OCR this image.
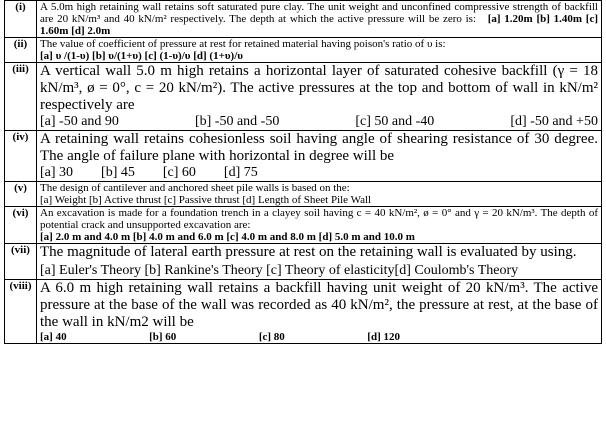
(i)	A 5.0m high retaining wall retains soft saturated pure clay. The unit weight and unconfined compressive strength of backfill are 20 kN/m³ and 40 kN/m² respectively. The depth at which the active pressure will be zero is: [a] 1.20m [b] 1.40m [c] 1.60m [d] 2.0m
(ii)	The value of coefficient of pressure at rest for retained material having poison's ratio of υ is:
[a] υ /(1-υ) [b] υ/(1+υ) [c] (1-υ)/υ [d] (1+υ)/υ

(iii)	A vertical wall 5.0 m high retains a horizontal layer of saturated cohesive backfill (γ = 18 kN/m³, ø = 0°, c = 20 kN/m²). The active pressures at the top and bottom of wall in kN/m² respectively are
[a] -50 and 90 [b] -50 and -50 [c] 50 and -40 [d] -50 and +50

(iv)	A retaining wall retains cohesionless soil having angle of shearing resistance of 30 degree. The angle of failure plane with horizontal in degree will be
[a] 30 [b] 45 [c] 60 [d] 75

(v)	The design of cantilever and anchored sheet pile walls is based on the:
[a] Weight [b] Active thrust [c] Passive thrust [d] Length of Sheet Pile Wall

(vi)	An excavation is made for a foundation trench in a clayey soil having c = 40 kN/m², ø = 0° and γ = 20 kN/m³. The depth of potential crack and unsupported excavation are:
[a] 2.0 m and 4.0 m [b] 4.0 m and 6.0 m [c] 4.0 m and 8.0 m [d] 5.0 m and 10.0 m

(vii)	The magnitude of lateral earth pressure at rest on the retaining wall is evaluated by using.
[a] Euler's Theory [b] Rankine's Theory [c] Theory of elasticity[d] Coulomb's Theory

(viii)	A 6.0 m high retaining wall retains a backfill having unit weight of 20 kN/m³. The active pressure at the base of the wall was recorded as 40 kN/m², the pressure at rest, at the base of the wall in kN/m2 will be
[a] 40 [b] 60 [c] 80 [d] 120
